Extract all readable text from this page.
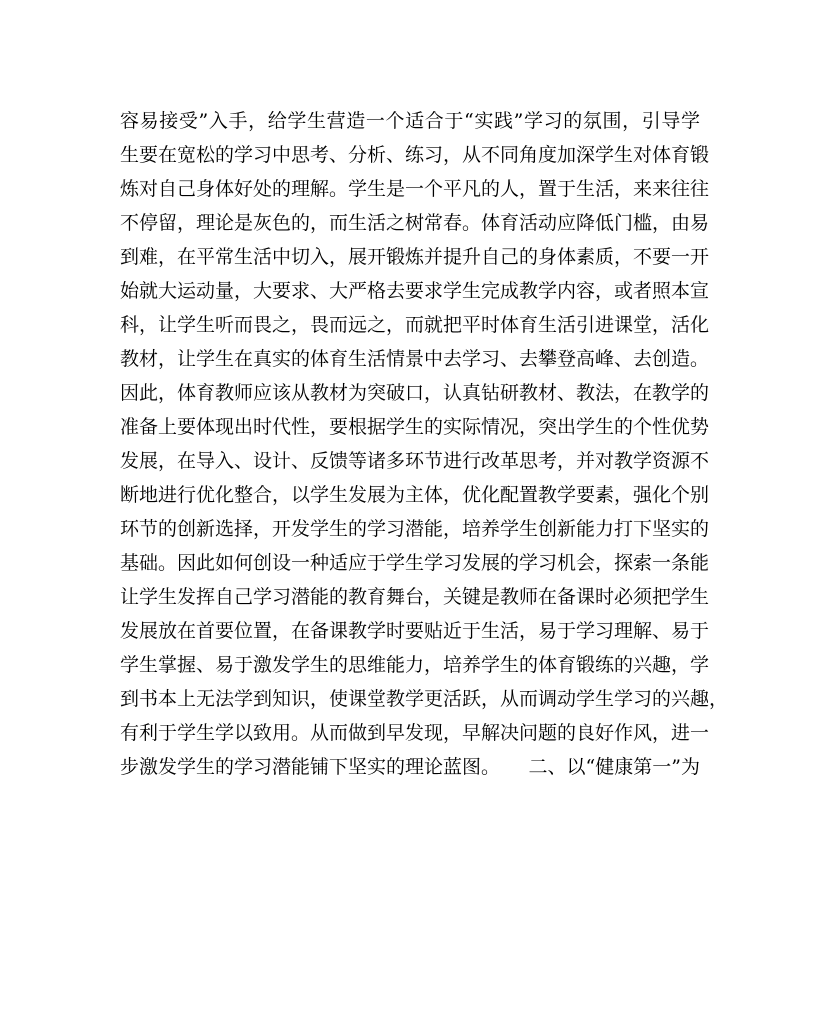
容易接受”入手，给学生营造一个适合于“实践”学习的氛围，引导学
生要在宽松的学习中思考、分析、练习，从不同角度加深学生对体育锻
炼对自己身体好处的理解。学生是一个平凡的人，置于生活，来来往往
不停留，理论是灰色的，而生活之树常春。体育活动应降低门槛，由易
到难，在平常生活中切入，展开锻炼并提升自己的身体素质，不要一开
始就大运动量，大要求、大严格去要求学生完成教学内容，或者照本宣
科，让学生听而畏之，畏而远之，而就把平时体育生活引进课堂，活化
教材，让学生在真实的体育生活情景中去学习、去攀登高峰、去创造。
因此，体育教师应该从教材为突破口，认真钻研教材、教法，在教学的
准备上要体现出时代性，要根据学生的实际情况，突出学生的个性优势
发展，在导入、设计、反馈等诸多环节进行改革思考，并对教学资源不
断地进行优化整合，以学生发展为主体，优化配置教学要素，强化个别
环节的创新选择，开发学生的学习潜能，培养学生创新能力打下坚实的
基础。因此如何创设一种适应于学生学习发展的学习机会，探索一条能
让学生发挥自己学习潜能的教育舞台，关键是教师在备课时必须把学生
发展放在首要位置，在备课教学时要贴近于生活，易于学习理解、易于
学生掌握、易于激发学生的思维能力，培养学生的体育锻练的兴趣，学
到书本上无法学到知识，使课堂教学更活跃，从而调动学生学习的兴趣，
有利于学生学以致用。从而做到早发现，早解决问题的良好作风，进一
步激发学生的学习潜能铺下坚实的理论蓝图。　　二、以“健康第一”为
